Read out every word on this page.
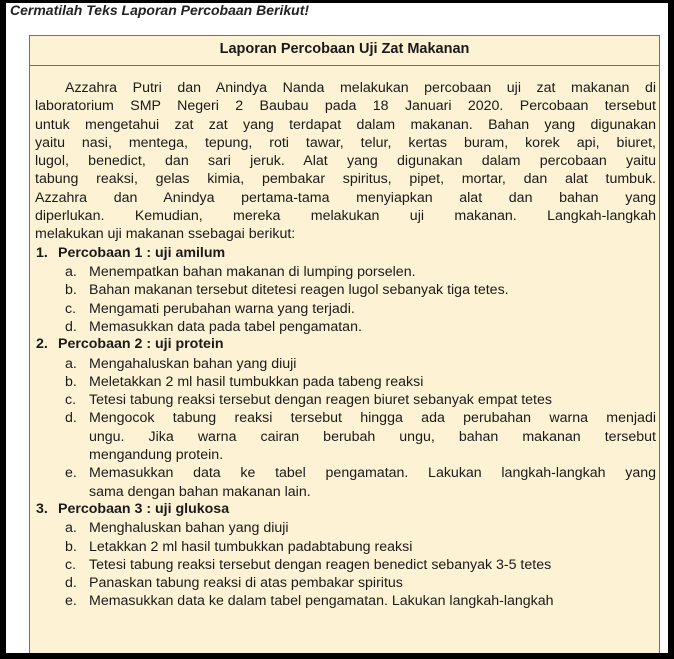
Cermatilah Teks Laporan Percobaan Berikut!
Laporan Percobaan Uji Zat Makanan
Azzahra Putri dan Anindya Nanda melakukan percobaan uji zat makanan di
laboratorium SMP Negeri 2 Baubau pada 18 Januari 2020. Percobaan tersebut
untuk mengetahui zat zat yang terdapat dalam makanan. Bahan yang digunakan
yaitu nasi, mentega, tepung, roti tawar, telur, kertas buram, korek api, biuret,
lugol, benedict, dan sari jeruk. Alat yang digunakan dalam percobaan yaitu
tabung reaksi, gelas kimia, pembakar spiritus, pipet, mortar, dan alat tumbuk.
Azzahra dan Anindya pertama-tama menyiapkan alat dan bahan yang
diperlukan. Kemudian, mereka melakukan uji makanan. Langkah-langkah
melakukan uji makanan ssebagai berikut:
1. Percobaan 1 : uji amilum
a. Menempatkan bahan makanan di lumping porselen.
b. Bahan makanan tersebut ditetesi reagen lugol sebanyak tiga tetes.
c. Mengamati perubahan warna yang terjadi.
d. Memasukkan data pada tabel pengamatan.
2. Percobaan 2 : uji protein
a. Mengahaluskan bahan yang diuji
b. Meletakkan 2 ml hasil tumbukkan pada tabeng reaksi
c. Tetesi tabung reaksi tersebut dengan reagen biuret sebanyak empat tetes
d. Mengocok tabung reaksi tersebut hingga ada perubahan warna menjadi
ungu. Jika warna cairan berubah ungu, bahan makanan tersebut
mengandung protein.
e. Memasukkan data ke tabel pengamatan. Lakukan langkah-langkah yang
sama dengan bahan makanan lain.
3. Percobaan 3 : uji glukosa
a. Menghaluskan bahan yang diuji
b. Letakkan 2 ml hasil tumbukkan padabtabung reaksi
c. Tetesi tabung reaksi tersebut dengan reagen benedict sebanyak 3-5 tetes
d. Panaskan tabung reaksi di atas pembakar spiritus
e. Memasukkan data ke dalam tabel pengamatan. Lakukan langkah-langkah
